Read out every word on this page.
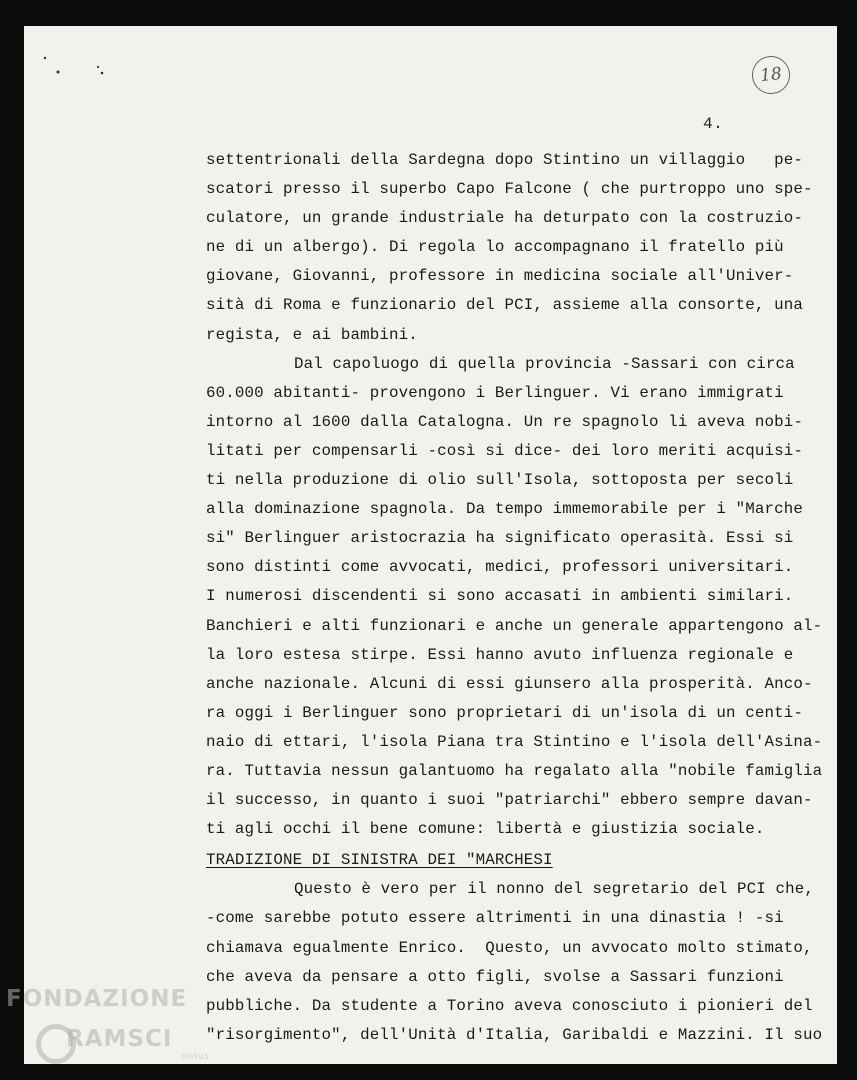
18
4.
settentrionali della Sardegna dopo Stintino un villaggio   pe-
scatori presso il superbo Capo Falcone ( che purtroppo uno spe-
culatore, un grande industriale ha deturpato con la costruzio-
ne di un albergo). Di regola lo accompagnano il fratello più
giovane, Giovanni, professore in medicina sociale all'Univer-
sità di Roma e funzionario del PCI, assieme alla consorte, una
regista, e ai bambini.
Dal capoluogo di quella provincia -Sassari con circa
60.000 abitanti- provengono i Berlinguer. Vi erano immigrati
intorno al 1600 dalla Catalogna. Un re spagnolo li aveva nobi-
litati per compensarli -così si dice- dei loro meriti acquisi-
ti nella produzione di olio sull'Isola, sottoposta per secoli
alla dominazione spagnola. Da tempo immemorabile per i "Marche
si" Berlinguer aristocrazia ha significato operasità. Essi si
sono distinti come avvocati, medici, professori universitari.
I numerosi discendenti si sono accasati in ambienti similari.
Banchieri e alti funzionari e anche un generale appartengono al-
la loro estesa stirpe. Essi hanno avuto influenza regionale e
anche nazionale. Alcuni di essi giunsero alla prosperità. Anco-
ra oggi i Berlinguer sono proprietari di un'isola di un centi-
naio di ettari, l'isola Piana tra Stintino e l'isola dell'Asina-
ra. Tuttavia nessun galantuomo ha regalato alla "nobile famiglia
il successo, in quanto i suoi "patriarchi" ebbero sempre davan-
ti agli occhi il bene comune: libertà e giustizia sociale.
TRADIZIONE DI SINISTRA DEI "MARCHESI
Questo è vero per il nonno del segretario del PCI che,
-come sarebbe potuto essere altrimenti in una dinastia ! -si
chiamava egualmente Enrico.  Questo, un avvocato molto stimato,
che aveva da pensare a otto figli, svolse a Sassari funzioni
pubbliche. Da studente a Torino aveva conosciuto i pionieri del
"risorgimento", dell'Unità d'Italia, Garibaldi e Mazzini. Il suo
FONDAZIONE
RAMSCI
onlus
